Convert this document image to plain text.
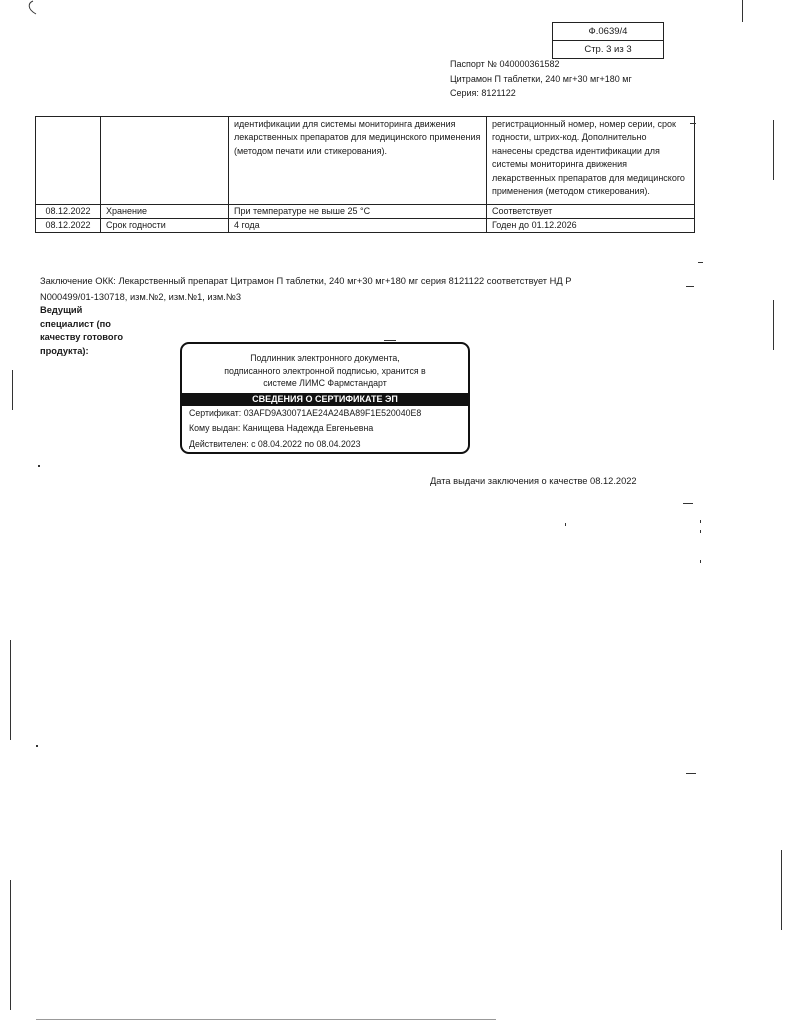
Ф.0639/4
Стр. 3 из 3
Паспорт № 040000361582
Цитрамон П таблетки, 240 мг+30 мг+180 мг
Серия: 8121122
		идентификации для системы мониторинга движения лекарственных препаратов для медицинского применения (методом печати или стикерования).	регистрационный номер, номер серии, срок годности, штрих-код. Дополнительно нанесены средства идентификации для системы мониторинга движения лекарственных препаратов для медицинского применения (методом стикерования).
08.12.2022	Хранение	При температуре не выше 25 °С	Соответствует
08.12.2022	Срок годности	4 года	Годен до 01.12.2026
Заключение ОКК: Лекарственный препарат Цитрамон П таблетки, 240 мг+30 мг+180 мг серия 8121122 соответствует НД Р N000499/01-130718, изм.№2, изм.№1, изм.№3
Ведущий специалист (по качеству готового продукта):
Подлинник электронного документа,
подписанного электронной подписью, хранится в
системе ЛИМС Фармстандарт
СВЕДЕНИЯ О СЕРТИФИКАТЕ ЭП
Сертификат: 03AFD9A30071AE24A24BA89F1E520040E8
Кому выдан: Канищева Надежда Евгеньевна
Действителен: с 08.04.2022 по 08.04.2023
Дата выдачи заключения о качестве 08.12.2022
